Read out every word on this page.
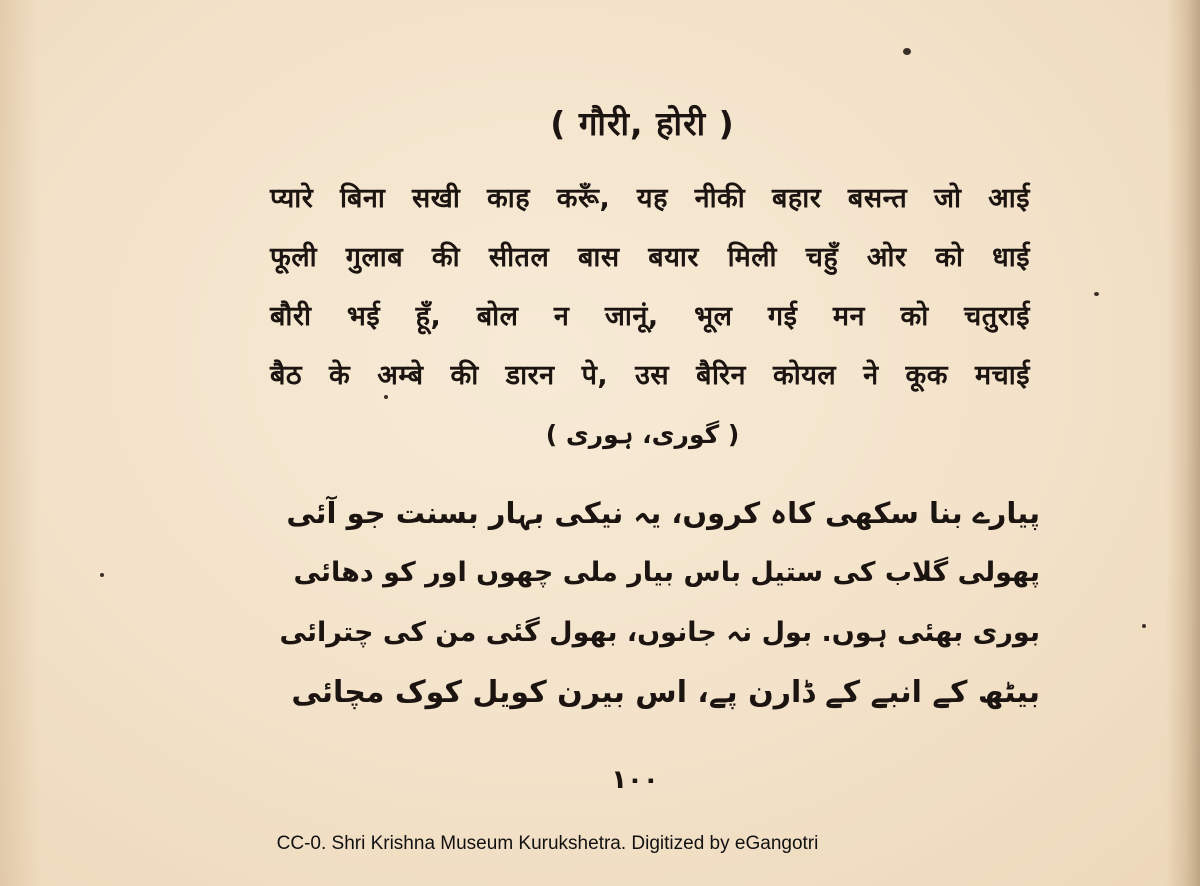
( गौरी, होरी )
प्यारे बिना सखी काह करूँ, यह नीकी बहार बसन्त जो आई
फूली गुलाब की सीतल बास बयार मिली चहुँ ओर को धाई
बौरी भई हूँ, बोल न जानूं, भूल गई मन को चतुराई
बैठ के अम्बे की डारन पे, उस बैरिन कोयल ने कूक मचाई
( گوری، ہوری )
پیارے بنا سکھی کاہ کروں، یہ نیکی بہار بسنت جو آئی
پھولی گلاب کی ستیل باس بیار ملی چھوں اور کو دھائی
بوری بھئی ہوں. بول نہ جانوں، بھول گئی من کی چترائی
بیٹھ کے انبے کے ڈارن پے، اس بیرن کویل کوک مچائی
۱۰۰
CC-0. Shri Krishna Museum Kurukshetra. Digitized by eGangotri
